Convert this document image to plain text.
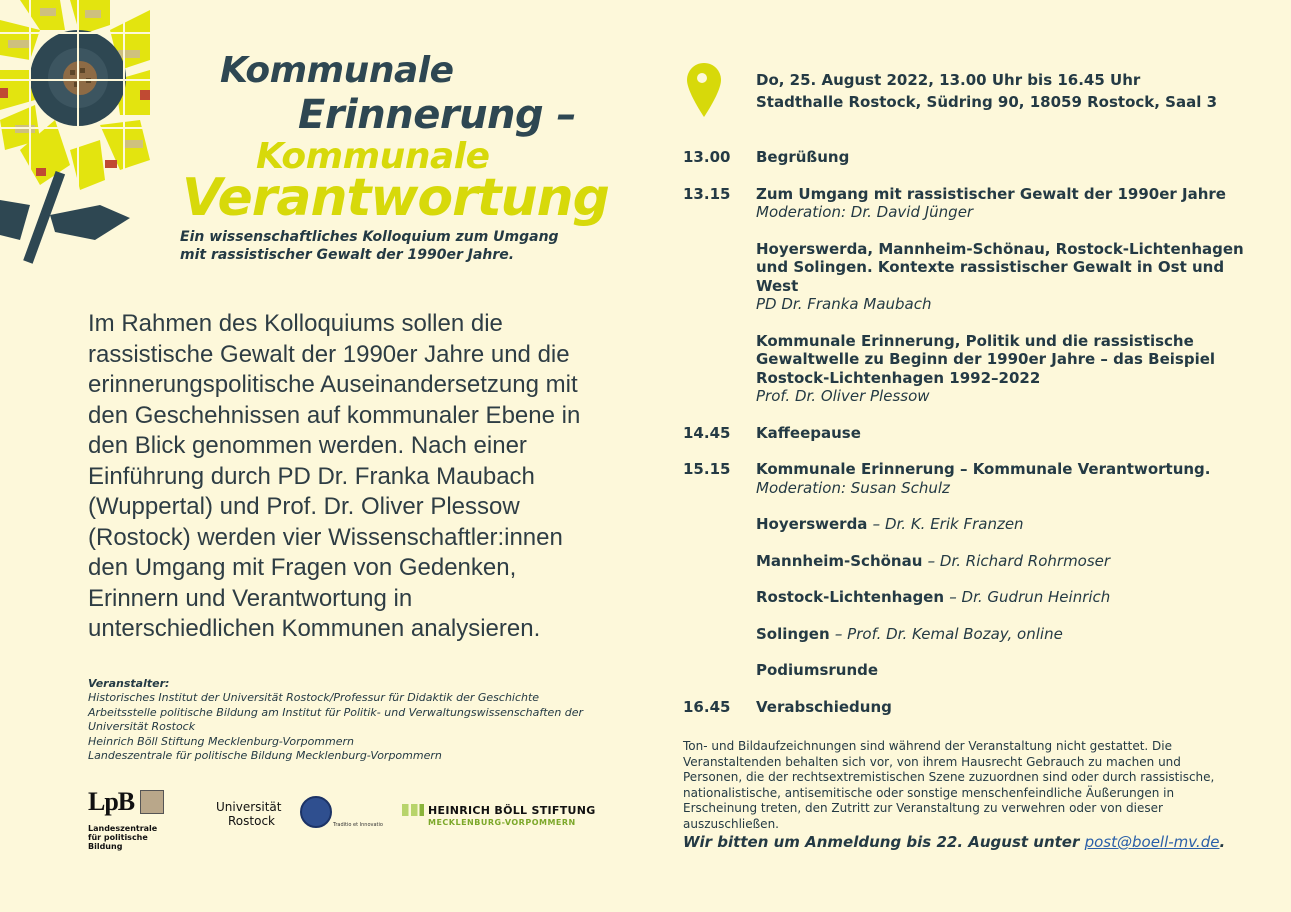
Kommunale
Erinnerung –
Kommunale
Verantwortung
Ein wissenschaftliches Kolloquium zum Umgang mit rassistischer Gewalt der 1990er Jahre.
Im Rahmen des Kolloquiums sollen die rassistische Gewalt der 1990er Jahre und die erinnerungspolitische Auseinandersetzung mit den Geschehnissen auf kommunaler Ebene in den Blick genommen werden. Nach einer Einführung durch PD Dr. Franka Maubach (Wuppertal) und Prof. Dr. Oliver Plessow (Rostock) werden vier Wissenschaftler:innen den Umgang mit Fragen von Gedenken, Erinnern und Verantwortung in unterschiedlichen Kommunen analysieren.
Veranstalter:
Historisches Institut der Universität Rostock/Professur für Didaktik der Geschichte
Arbeitsstelle politische Bildung am Institut für Politik- und Verwaltungswissenschaften der Universität Rostock
Heinrich Böll Stiftung Mecklenburg-Vorpommern
Landeszentrale für politische Bildung Mecklenburg-Vorpommern
LpB
Landeszentrale
für politische Bildung
Universität
Rostock	Traditio et Innovatio
HEINRICH BÖLL STIFTUNG
MECKLENBURG-VORPOMMERN
Do, 25. August 2022, 13.00 Uhr bis 16.45 Uhr
Stadthalle Rostock, Südring 90, 18059 Rostock, Saal 3
13.00	Begrüßung
13.15	Zum Umgang mit rassistischer Gewalt der 1990er Jahre
Moderation: Dr. David Jünger
Hoyerswerda, Mannheim-Schönau, Rostock-Lichtenhagen und Solingen. Kontexte rassistischer Gewalt in Ost und West
PD Dr. Franka Maubach
Kommunale Erinnerung, Politik und die rassistische Gewaltwelle zu Beginn der 1990er Jahre – das Beispiel Rostock-Lichtenhagen 1992–2022
Prof. Dr. Oliver Plessow
14.45	Kaffeepause
15.15	Kommunale Erinnerung – Kommunale Verantwortung.
Moderation: Susan Schulz
Hoyerswerda – Dr. K. Erik Franzen
Mannheim-Schönau – Dr. Richard Rohrmoser
Rostock-Lichtenhagen – Dr. Gudrun Heinrich
Solingen – Prof. Dr. Kemal Bozay, online
Podiumsrunde
16.45	Verabschiedung
Ton- und Bildaufzeichnungen sind während der Veranstaltung nicht gestattet. Die Veranstaltenden behalten sich vor, von ihrem Hausrecht Gebrauch zu machen und Personen, die der rechtsextremistischen Szene zuzuordnen sind oder durch rassistische, nationalistische, antisemitische oder sonstige menschenfeindliche Äußerungen in Erscheinung treten, den Zutritt zur Veranstaltung zu verwehren oder von dieser auszuschließen.
Wir bitten um Anmeldung bis 22. August unter post@boell-mv.de.
